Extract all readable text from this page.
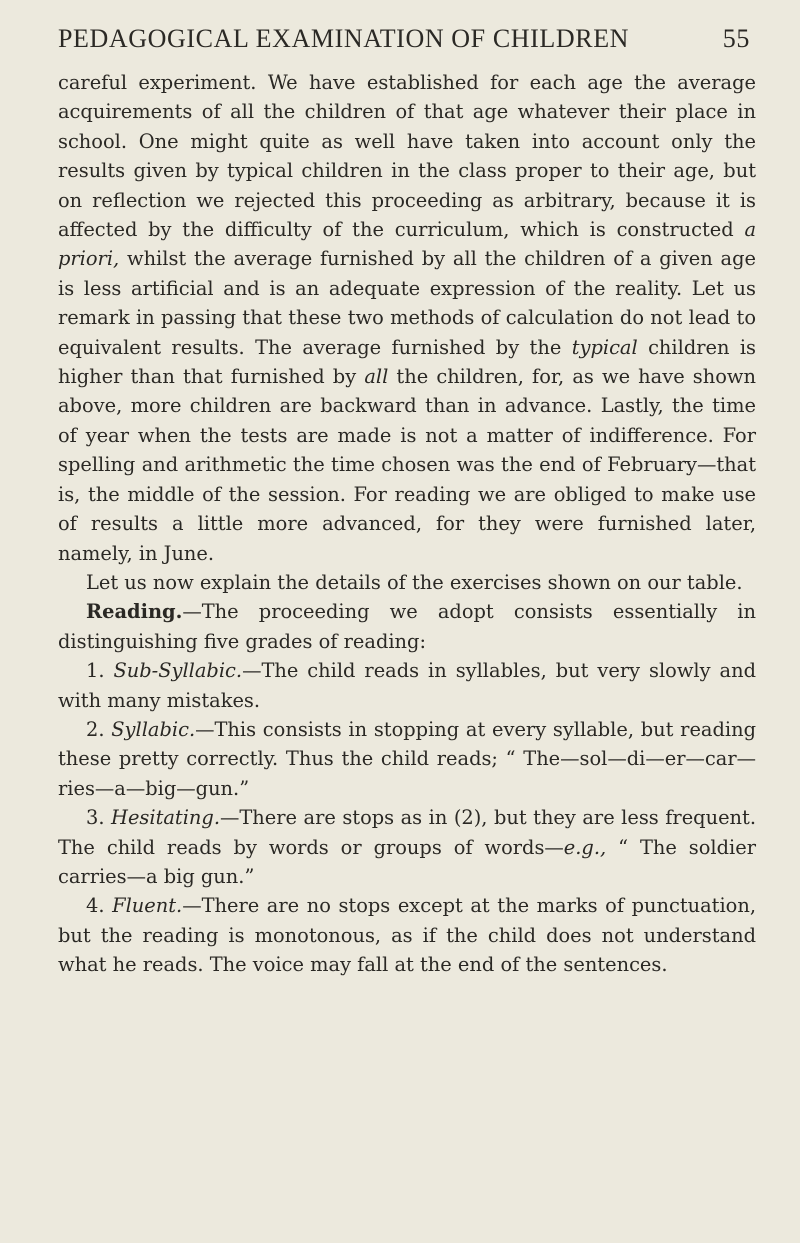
PEDAGOGICAL EXAMINATION OF CHILDREN	55

careful experiment. We have established for each age the average acquirements of all the children of that age whatever their place in school. One might quite as well have taken into account only the results given by typical children in the class proper to their age, but on reflection we rejected this proceeding as arbitrary, because it is affected by the difficulty of the curriculum, which is constructed a priori, whilst the average furnished by all the children of a given age is less artificial and is an adequate expression of the reality. Let us remark in passing that these two methods of calculation do not lead to equivalent results. The average furnished by the typical children is higher than that furnished by all the children, for, as we have shown above, more children are backward than in advance. Lastly, the time of year when the tests are made is not a matter of indifference. For spelling and arithmetic the time chosen was the end of February—that is, the middle of the session. For reading we are obliged to make use of results a little more advanced, for they were furnished later, namely, in June.

Let us now explain the details of the exercises shown on our table.

Reading.—The proceeding we adopt consists essentially in distinguishing five grades of reading:

1. Sub-Syllabic.—The child reads in syllables, but very slowly and with many mistakes.

2. Syllabic.—This consists in stopping at every syllable, but reading these pretty correctly. Thus the child reads; “ The—sol—di—er—car—ries—a—big—gun.”

3. Hesitating.—There are stops as in (2), but they are less frequent. The child reads by words or groups of words—e.g., “ The soldier carries—a big gun.”

4. Fluent.—There are no stops except at the marks of punctuation, but the reading is monotonous, as if the child does not understand what he reads. The voice may fall at the end of the sentences.
